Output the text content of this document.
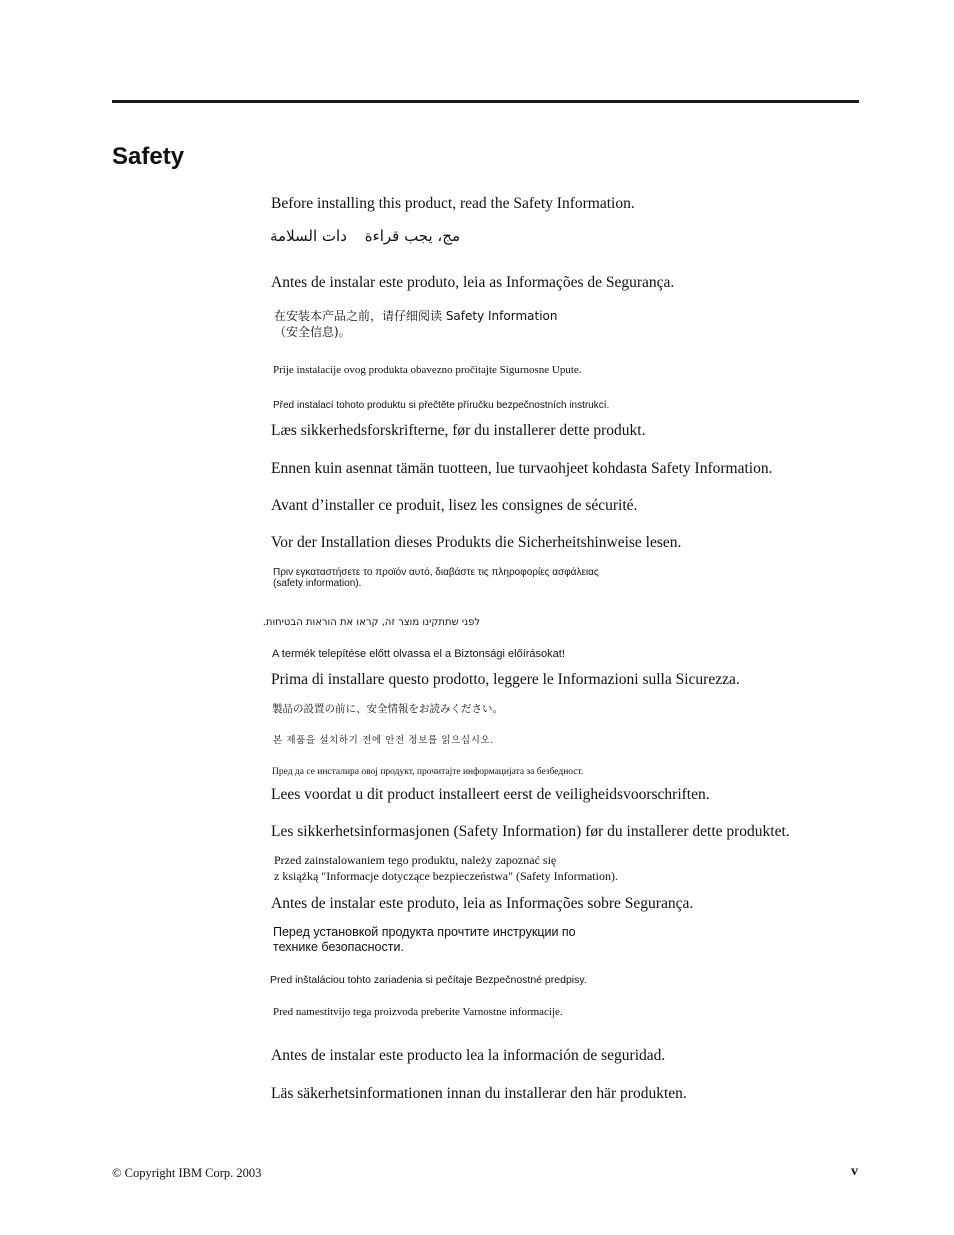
Safety
Before installing this product, read the Safety Information.
مج، يجب قراءة
دات السلامة
Antes de instalar este produto, leia as Informações de Segurança.
在安装本产品之前，请仔细阅读 Safety Information
（安全信息)。
Prije instalacije ovog produkta obavezno pročitajte Sigurnosne Upute.
Před instalací tohoto produktu si přečtěte příručku bezpečnostních instrukcí.
Læs sikkerhedsforskrifterne, før du installerer dette produkt.
Ennen kuin asennat tämän tuotteen, lue turvaohjeet kohdasta Safety Information.
Avant d’installer ce produit, lisez les consignes de sécurité.
Vor der Installation dieses Produkts die Sicherheitshinweise lesen.
Πριν εγκαταστήσετε το προϊόν αυτό, διαβάστε τις πληροφορίες ασφάλειας
(safety information).
לפני שתתקינו מוצר זה, קראו את הוראות הבטיחות.
A termék telepítése előtt olvassa el a Biztonsági előírásokat!
Prima di installare questo prodotto, leggere le Informazioni sulla Sicurezza.
製品の設置の前に、安全情報をお読みください。
본 제품을 설치하기 전에 안전 정보를 읽으십시오.
Пред да се инсталира овој продукт, прочитајте информацијата за безбедност.
Lees voordat u dit product installeert eerst de veiligheidsvoorschriften.
Les sikkerhetsinformasjonen (Safety Information) før du installerer dette produktet.
Przed zainstalowaniem tego produktu, należy zapoznać się
z książką "Informacje dotyczące bezpieczeństwa" (Safety Information).
Antes de instalar este produto, leia as Informações sobre Segurança.
Перед установкой продукта прочтите инструкции по
технике безопасности.
Pred inštaláciou tohto zariadenia si pečítaje Bezpečnostné predpisy.
Pred namestitvijo tega proizvoda preberite Varnostne informacije.
Antes de instalar este producto lea la información de seguridad.
Läs säkerhetsinformationen innan du installerar den här produkten.
© Copyright IBM Corp. 2003	v
